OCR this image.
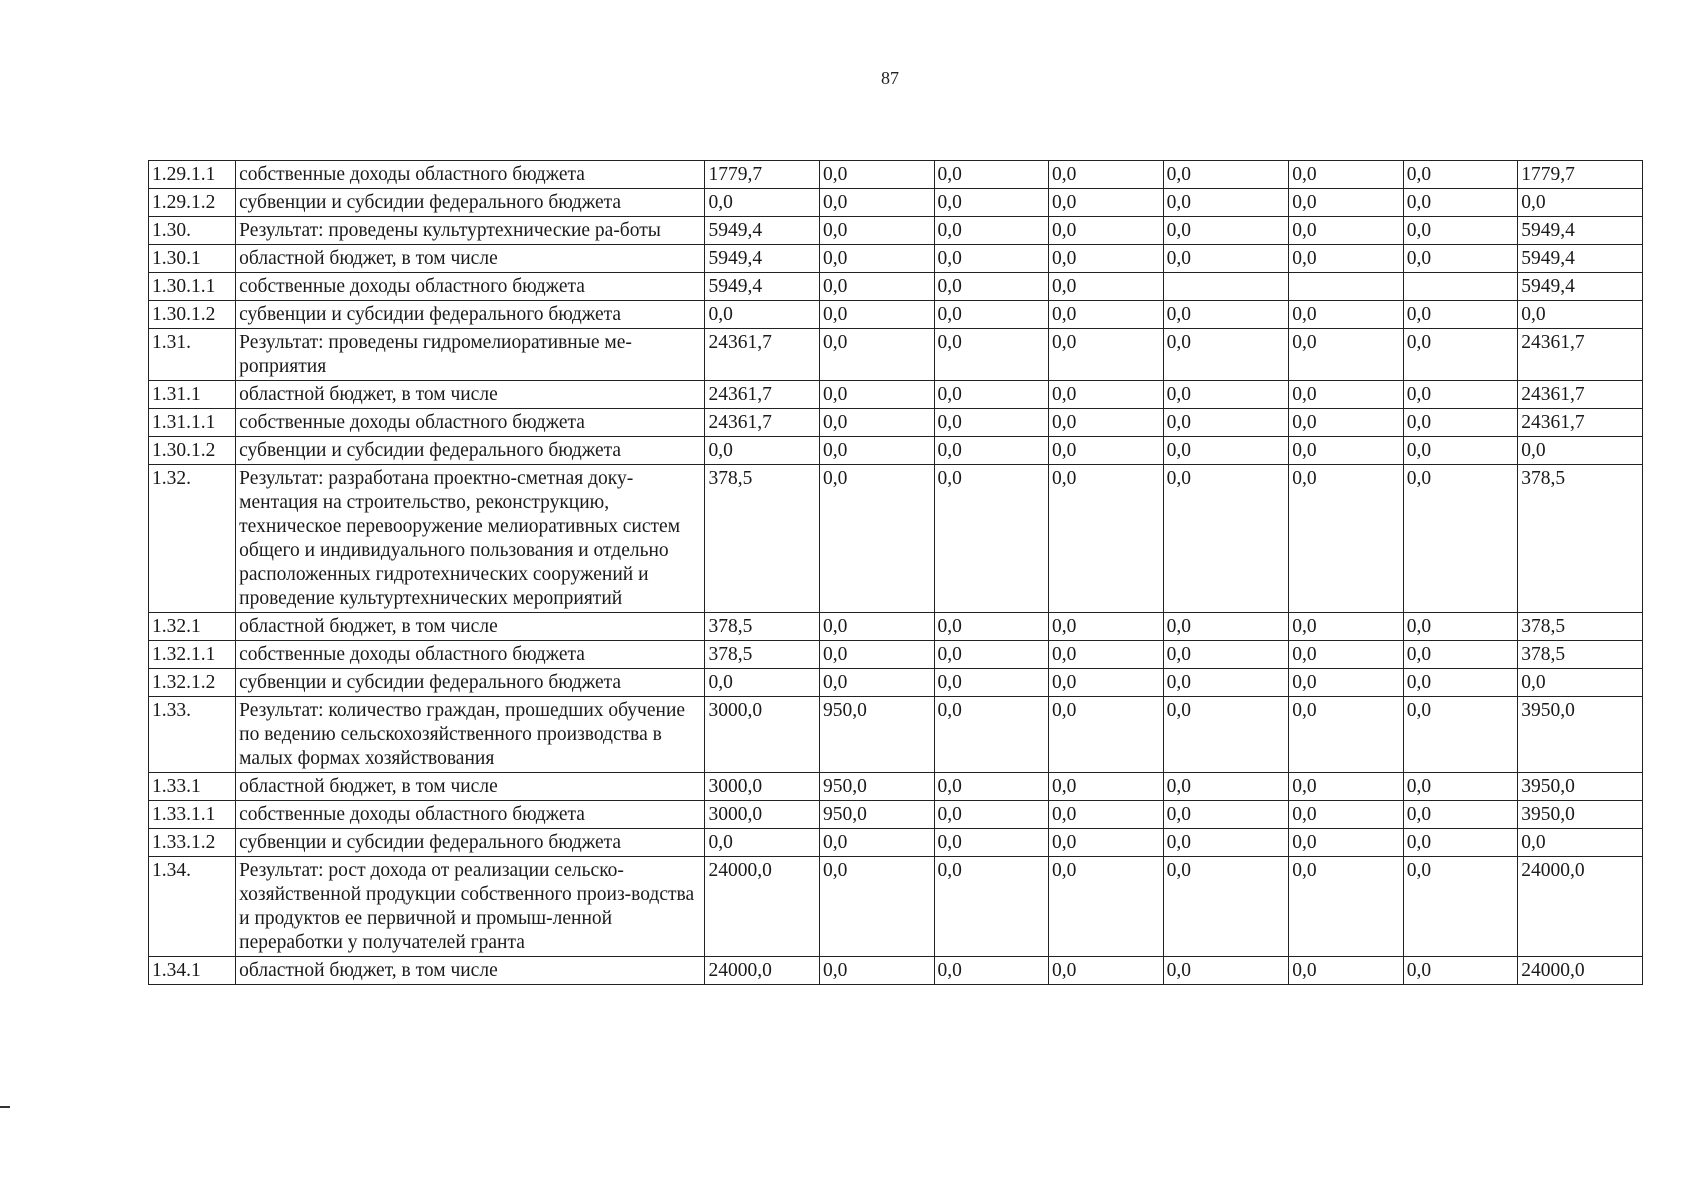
87
1.29.1.1	собственные доходы областного бюджета	1779,7	0,0	0,0	0,0	0,0	0,0	0,0	1779,7
1.29.1.2	субвенции и субсидии федерального бюджета	0,0	0,0	0,0	0,0	0,0	0,0	0,0	0,0
1.30.	Результат: проведены культуртехнические ра-боты	5949,4	0,0	0,0	0,0	0,0	0,0	0,0	5949,4
1.30.1	областной бюджет, в том числе	5949,4	0,0	0,0	0,0	0,0	0,0	0,0	5949,4
1.30.1.1	собственные доходы областного бюджета	5949,4	0,0	0,0	0,0				5949,4
1.30.1.2	субвенции и субсидии федерального бюджета	0,0	0,0	0,0	0,0	0,0	0,0	0,0	0,0
1.31.	Результат: проведены гидромелиоративные ме-роприятия	24361,7	0,0	0,0	0,0	0,0	0,0	0,0	24361,7
1.31.1	областной бюджет, в том числе	24361,7	0,0	0,0	0,0	0,0	0,0	0,0	24361,7
1.31.1.1	собственные доходы областного бюджета	24361,7	0,0	0,0	0,0	0,0	0,0	0,0	24361,7
1.30.1.2	субвенции и субсидии федерального бюджета	0,0	0,0	0,0	0,0	0,0	0,0	0,0	0,0
1.32.	Результат: разработана проектно-сметная доку-ментация на строительство, реконструкцию, техническое перевооружение мелиоративных систем общего и индивидуального пользования и отдельно расположенных гидротехнических сооружений и проведение культуртехнических мероприятий	378,5	0,0	0,0	0,0	0,0	0,0	0,0	378,5
1.32.1	областной бюджет, в том числе	378,5	0,0	0,0	0,0	0,0	0,0	0,0	378,5
1.32.1.1	собственные доходы областного бюджета	378,5	0,0	0,0	0,0	0,0	0,0	0,0	378,5
1.32.1.2	субвенции и субсидии федерального бюджета	0,0	0,0	0,0	0,0	0,0	0,0	0,0	0,0
1.33.	Результат: количество граждан, прошедших обучение по ведению сельскохозяйственного производства в малых формах хозяйствования	3000,0	950,0	0,0	0,0	0,0	0,0	0,0	3950,0
1.33.1	областной бюджет, в том числе	3000,0	950,0	0,0	0,0	0,0	0,0	0,0	3950,0
1.33.1.1	собственные доходы областного бюджета	3000,0	950,0	0,0	0,0	0,0	0,0	0,0	3950,0
1.33.1.2	субвенции и субсидии федерального бюджета	0,0	0,0	0,0	0,0	0,0	0,0	0,0	0,0
1.34.	Результат: рост дохода от реализации сельско-хозяйственной продукции собственного произ-водства и продуктов ее первичной и промыш-ленной переработки у получателей гранта	24000,0	0,0	0,0	0,0	0,0	0,0	0,0	24000,0
1.34.1	областной бюджет, в том числе	24000,0	0,0	0,0	0,0	0,0	0,0	0,0	24000,0
